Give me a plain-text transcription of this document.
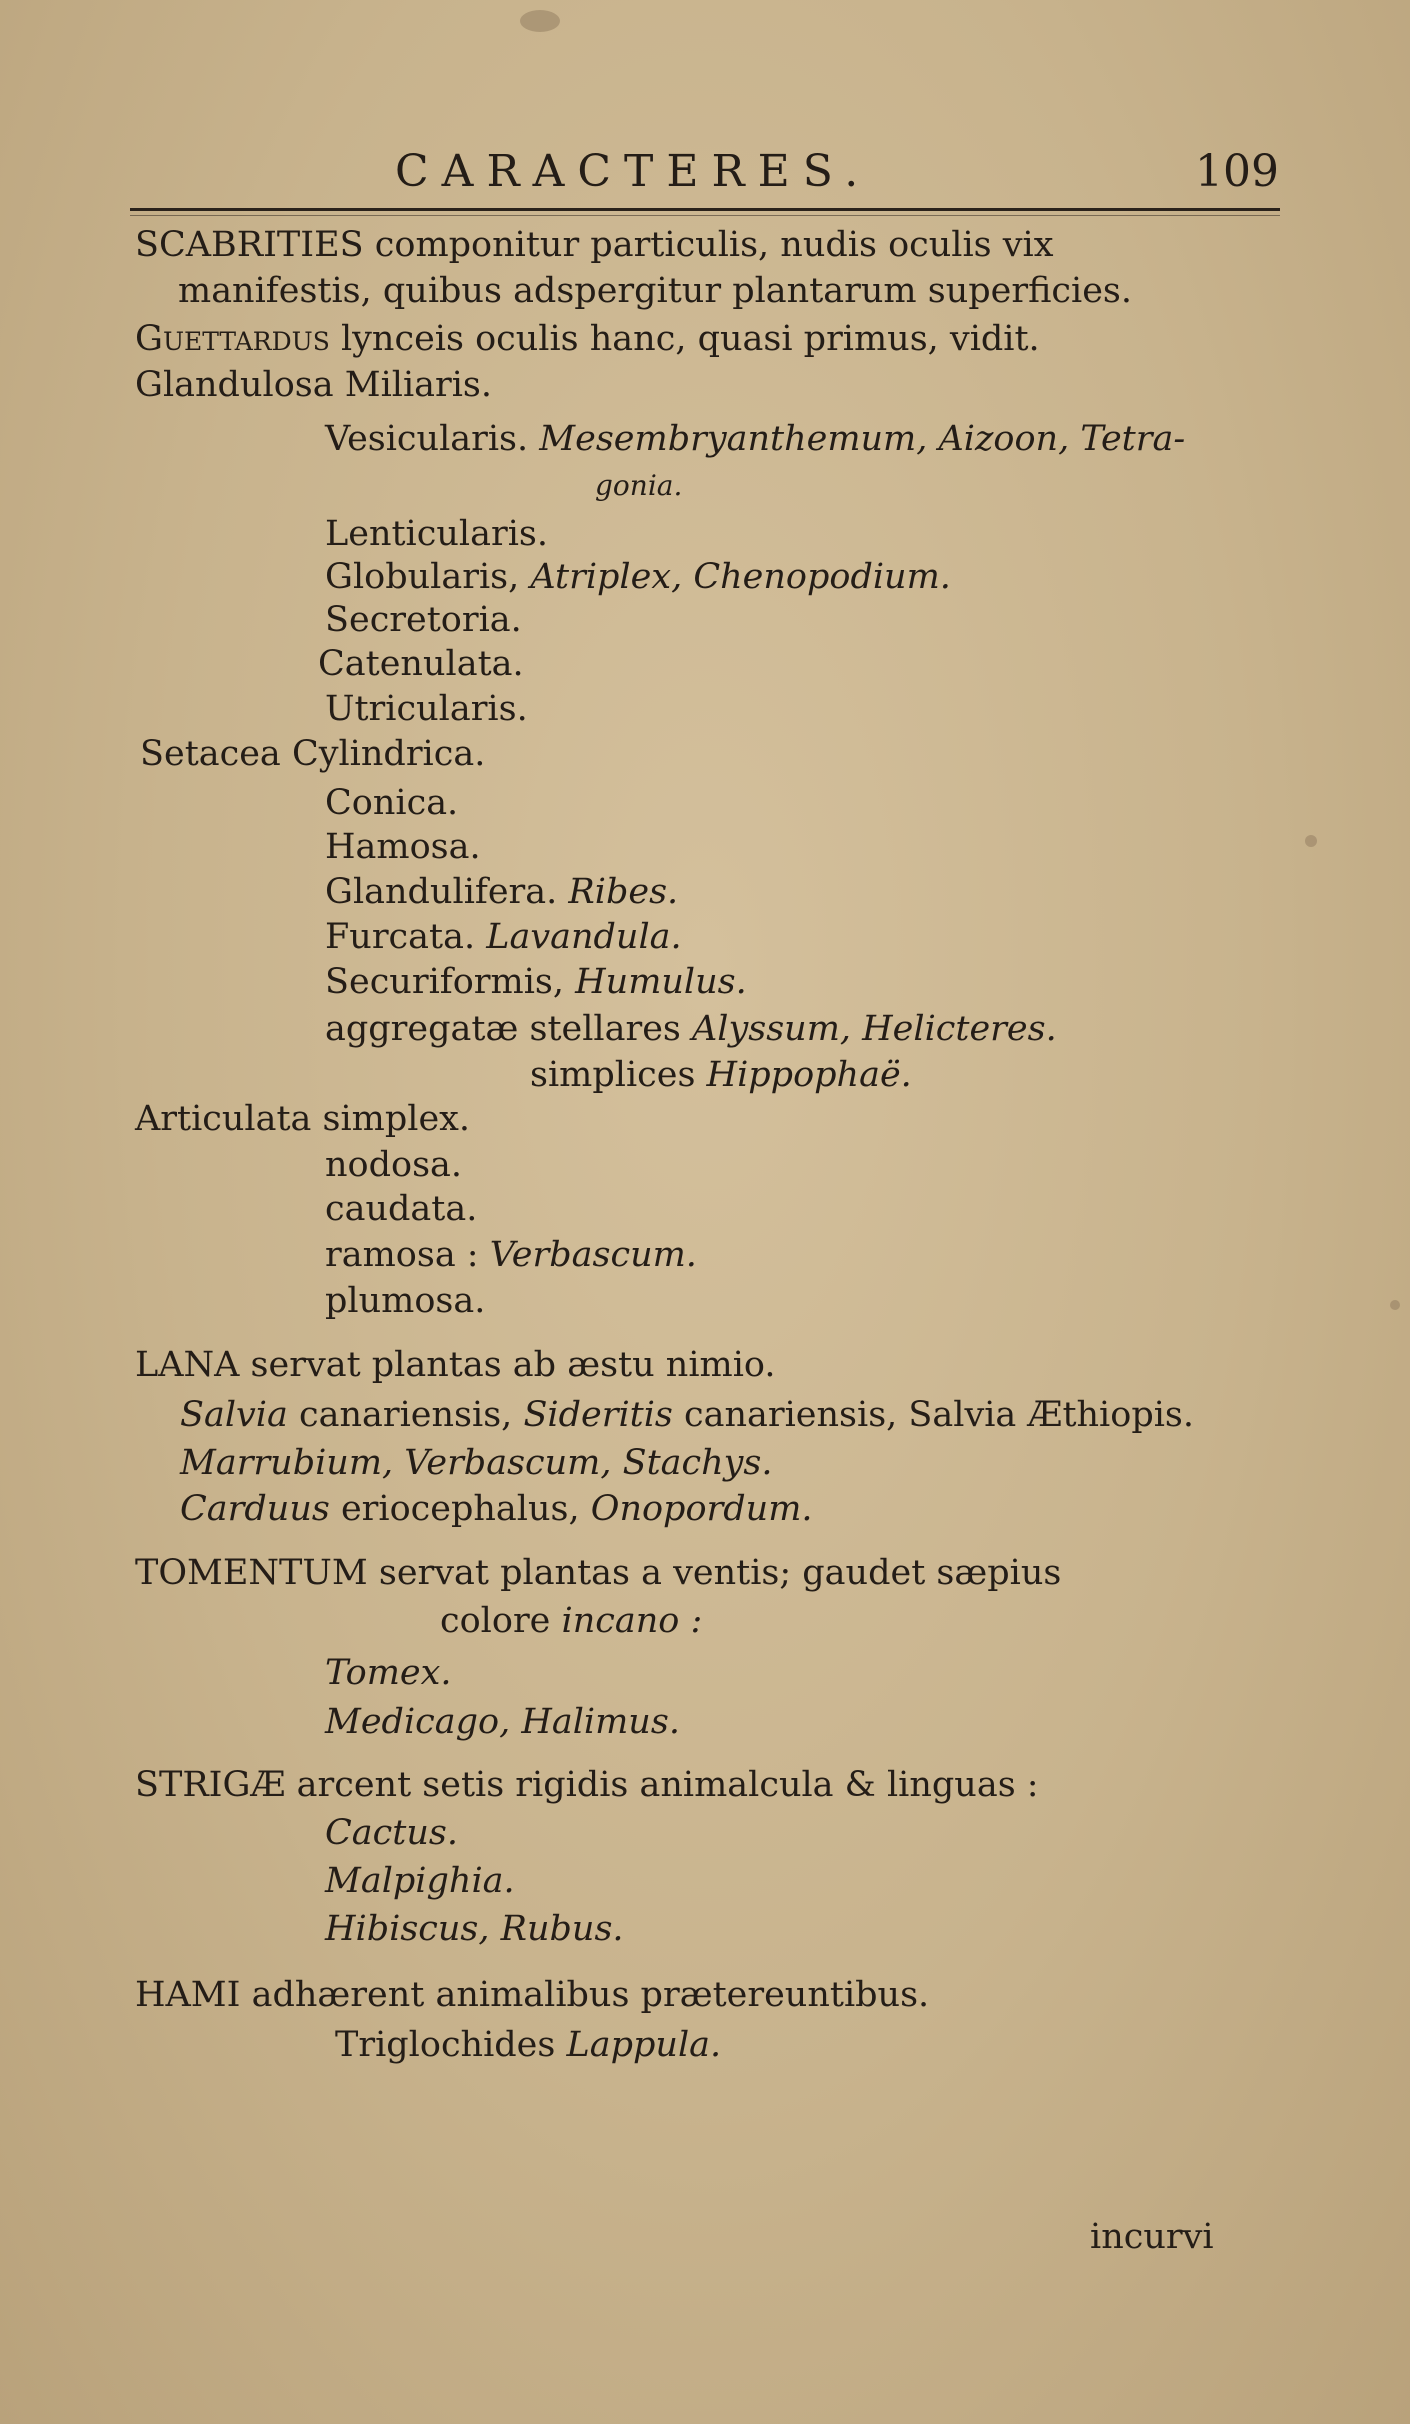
CARACTERES.	109
SCABRITIES componitur particulis, nudis oculis vix
manifestis, quibus adspergitur plantarum superficies.
Guettardus lynceis oculis hanc, quasi primus, vidit.
Glandulosa Miliaris.
Vesicularis. Mesembryanthemum, Aizoon, Tetra-
gonia.
Lenticularis.
Globularis, Atriplex, Chenopodium.
Secretoria.
Catenulata.
Utricularis.
Setacea Cylindrica.
Conica.
Hamosa.
Glandulifera. Ribes.
Furcata. Lavandula.
Securiformis, Humulus.
aggregatæ stellares Alyssum, Helicteres.
simplices Hippophaë.
Articulata simplex.
nodosa.
caudata.
ramosa : Verbascum.
plumosa.
LANA servat plantas ab æstu nimio.
Salvia canariensis, Sideritis canariensis, Salvia Æthiopis.
Marrubium, Verbascum, Stachys.
Carduus eriocephalus, Onopordum.
TOMENTUM servat plantas a ventis; gaudet sæpius
colore incano :
Tomex.
Medicago, Halimus.
STRIGÆ arcent setis rigidis animalcula & linguas :
Cactus.
Malpighia.
Hibiscus, Rubus.
HAMI adhærent animalibus prætereuntibus.
Triglochides Lappula.
incurvi
